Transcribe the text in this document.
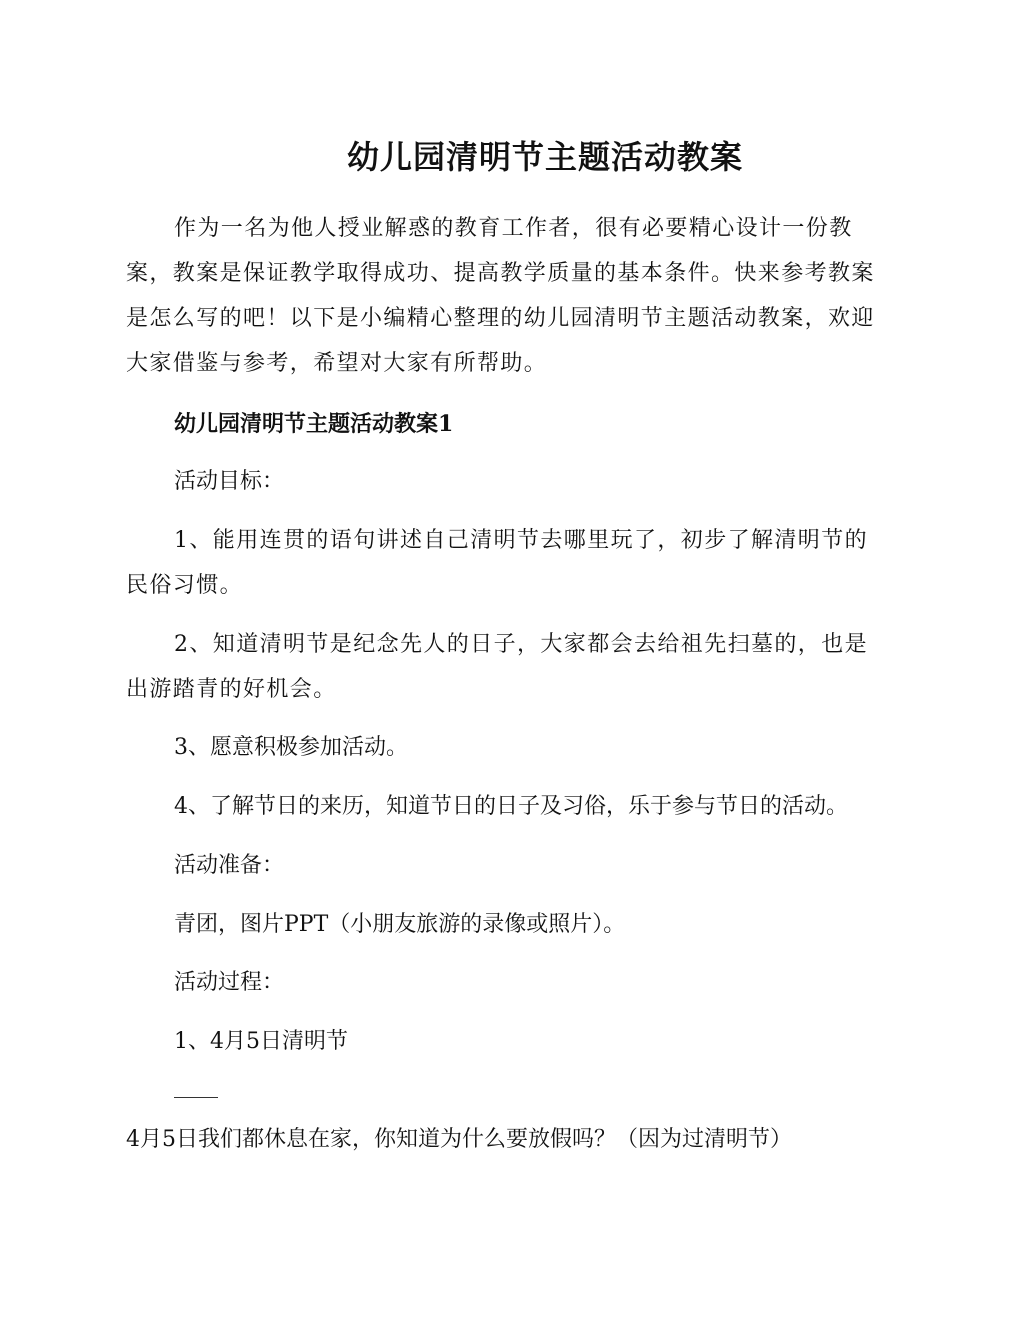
幼儿园清明节主题活动教案

作为一名为他人授业解惑的教育工作者，很有必要精心设计一份教案，教案是保证教学取得成功、提高教学质量的基本条件。快来参考教案是怎么写的吧！以下是小编精心整理的幼儿园清明节主题活动教案，欢迎大家借鉴与参考，希望对大家有所帮助。

幼儿园清明节主题活动教案1
活动目标：

1、能用连贯的语句讲述自己清明节去哪里玩了，初步了解清明节的民俗习惯。

2、知道清明节是纪念先人的日子，大家都会去给祖先扫墓的，也是出游踏青的好机会。

3、愿意积极参加活动。
4、了解节日的来历，知道节日的日子及习俗，乐于参与节日的活动。
活动准备：
青团，图片PPT（小朋友旅游的录像或照片）。
活动过程：
1、4月5日清明节
4月5日我们都休息在家，你知道为什么要放假吗？（因为过清明节）
